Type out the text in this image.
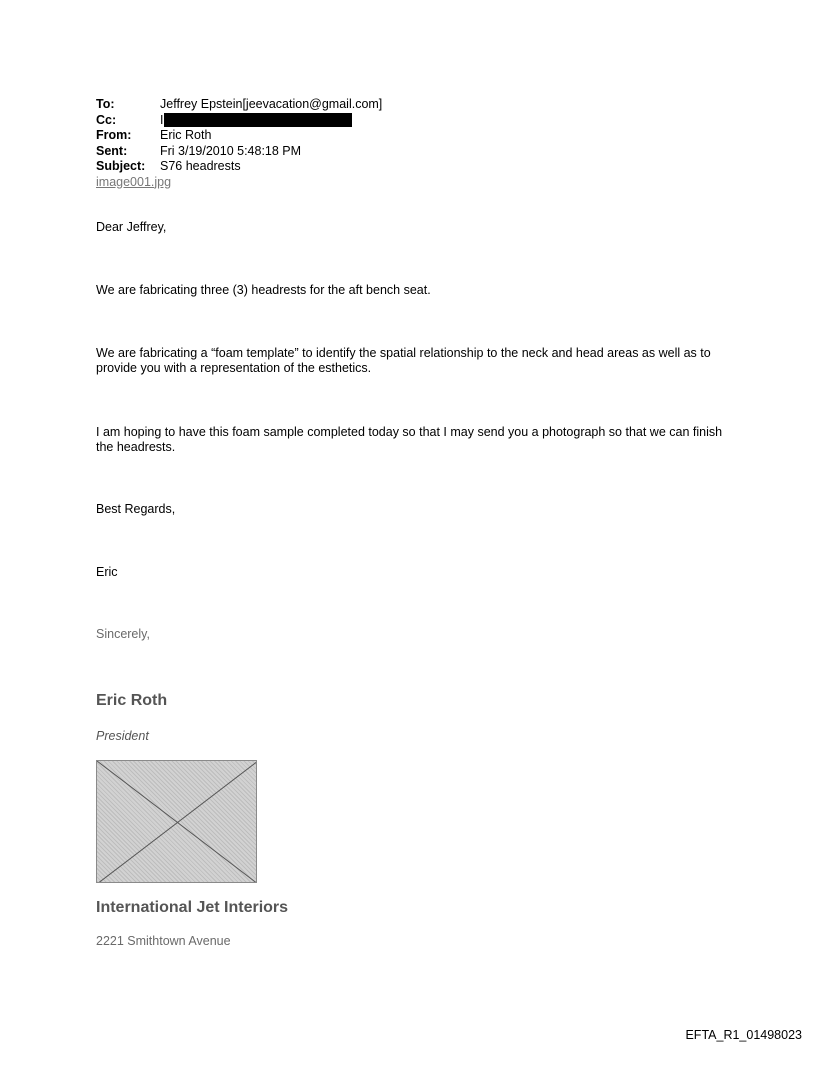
To:	Jeffrey Epstein[jeevacation@gmail.com]
Cc:	I
From:	Eric Roth
Sent:	Fri 3/19/2010 5:48:18 PM
Subject:	S76 headrests
image001.jpg

Dear Jeffrey,

We are fabricating three (3) headrests for the aft bench seat.

We are fabricating a “foam template” to identify the spatial relationship to the neck and head areas as well as to provide you with a representation of the esthetics.

I am hoping to have this foam sample completed today so that I may send you a photograph so that we can finish the headrests.

Best Regards,

Eric

Sincerely,

Eric Roth
President
International Jet Interiors
2221 Smithtown Avenue
EFTA_R1_01498023
